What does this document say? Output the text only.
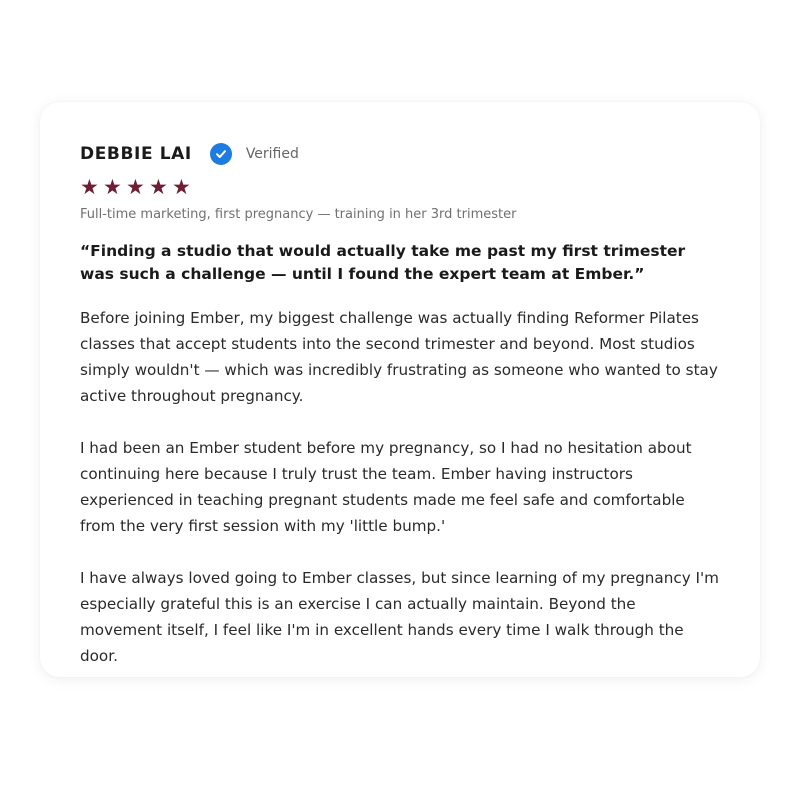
DEBBIE LAI	Verified
★ ★ ★ ★ ★
Full-time marketing, first pregnancy — training in her 3rd trimester
“Finding a studio that would actually take me past my first trimester was such a challenge — until I found the expert team at Ember.”

Before joining Ember, my biggest challenge was actually finding Reformer Pilates classes that accept students into the second trimester and beyond. Most studios simply wouldn't — which was incredibly frustrating as someone who wanted to stay active throughout pregnancy.

I had been an Ember student before my pregnancy, so I had no hesitation about continuing here because I truly trust the team. Ember having instructors experienced in teaching pregnant students made me feel safe and comfortable from the very first session with my 'little bump.'

I have always loved going to Ember classes, but since learning of my pregnancy I'm especially grateful this is an exercise I can actually maintain. Beyond the movement itself, I feel like I'm in excellent hands every time I walk through the door.
